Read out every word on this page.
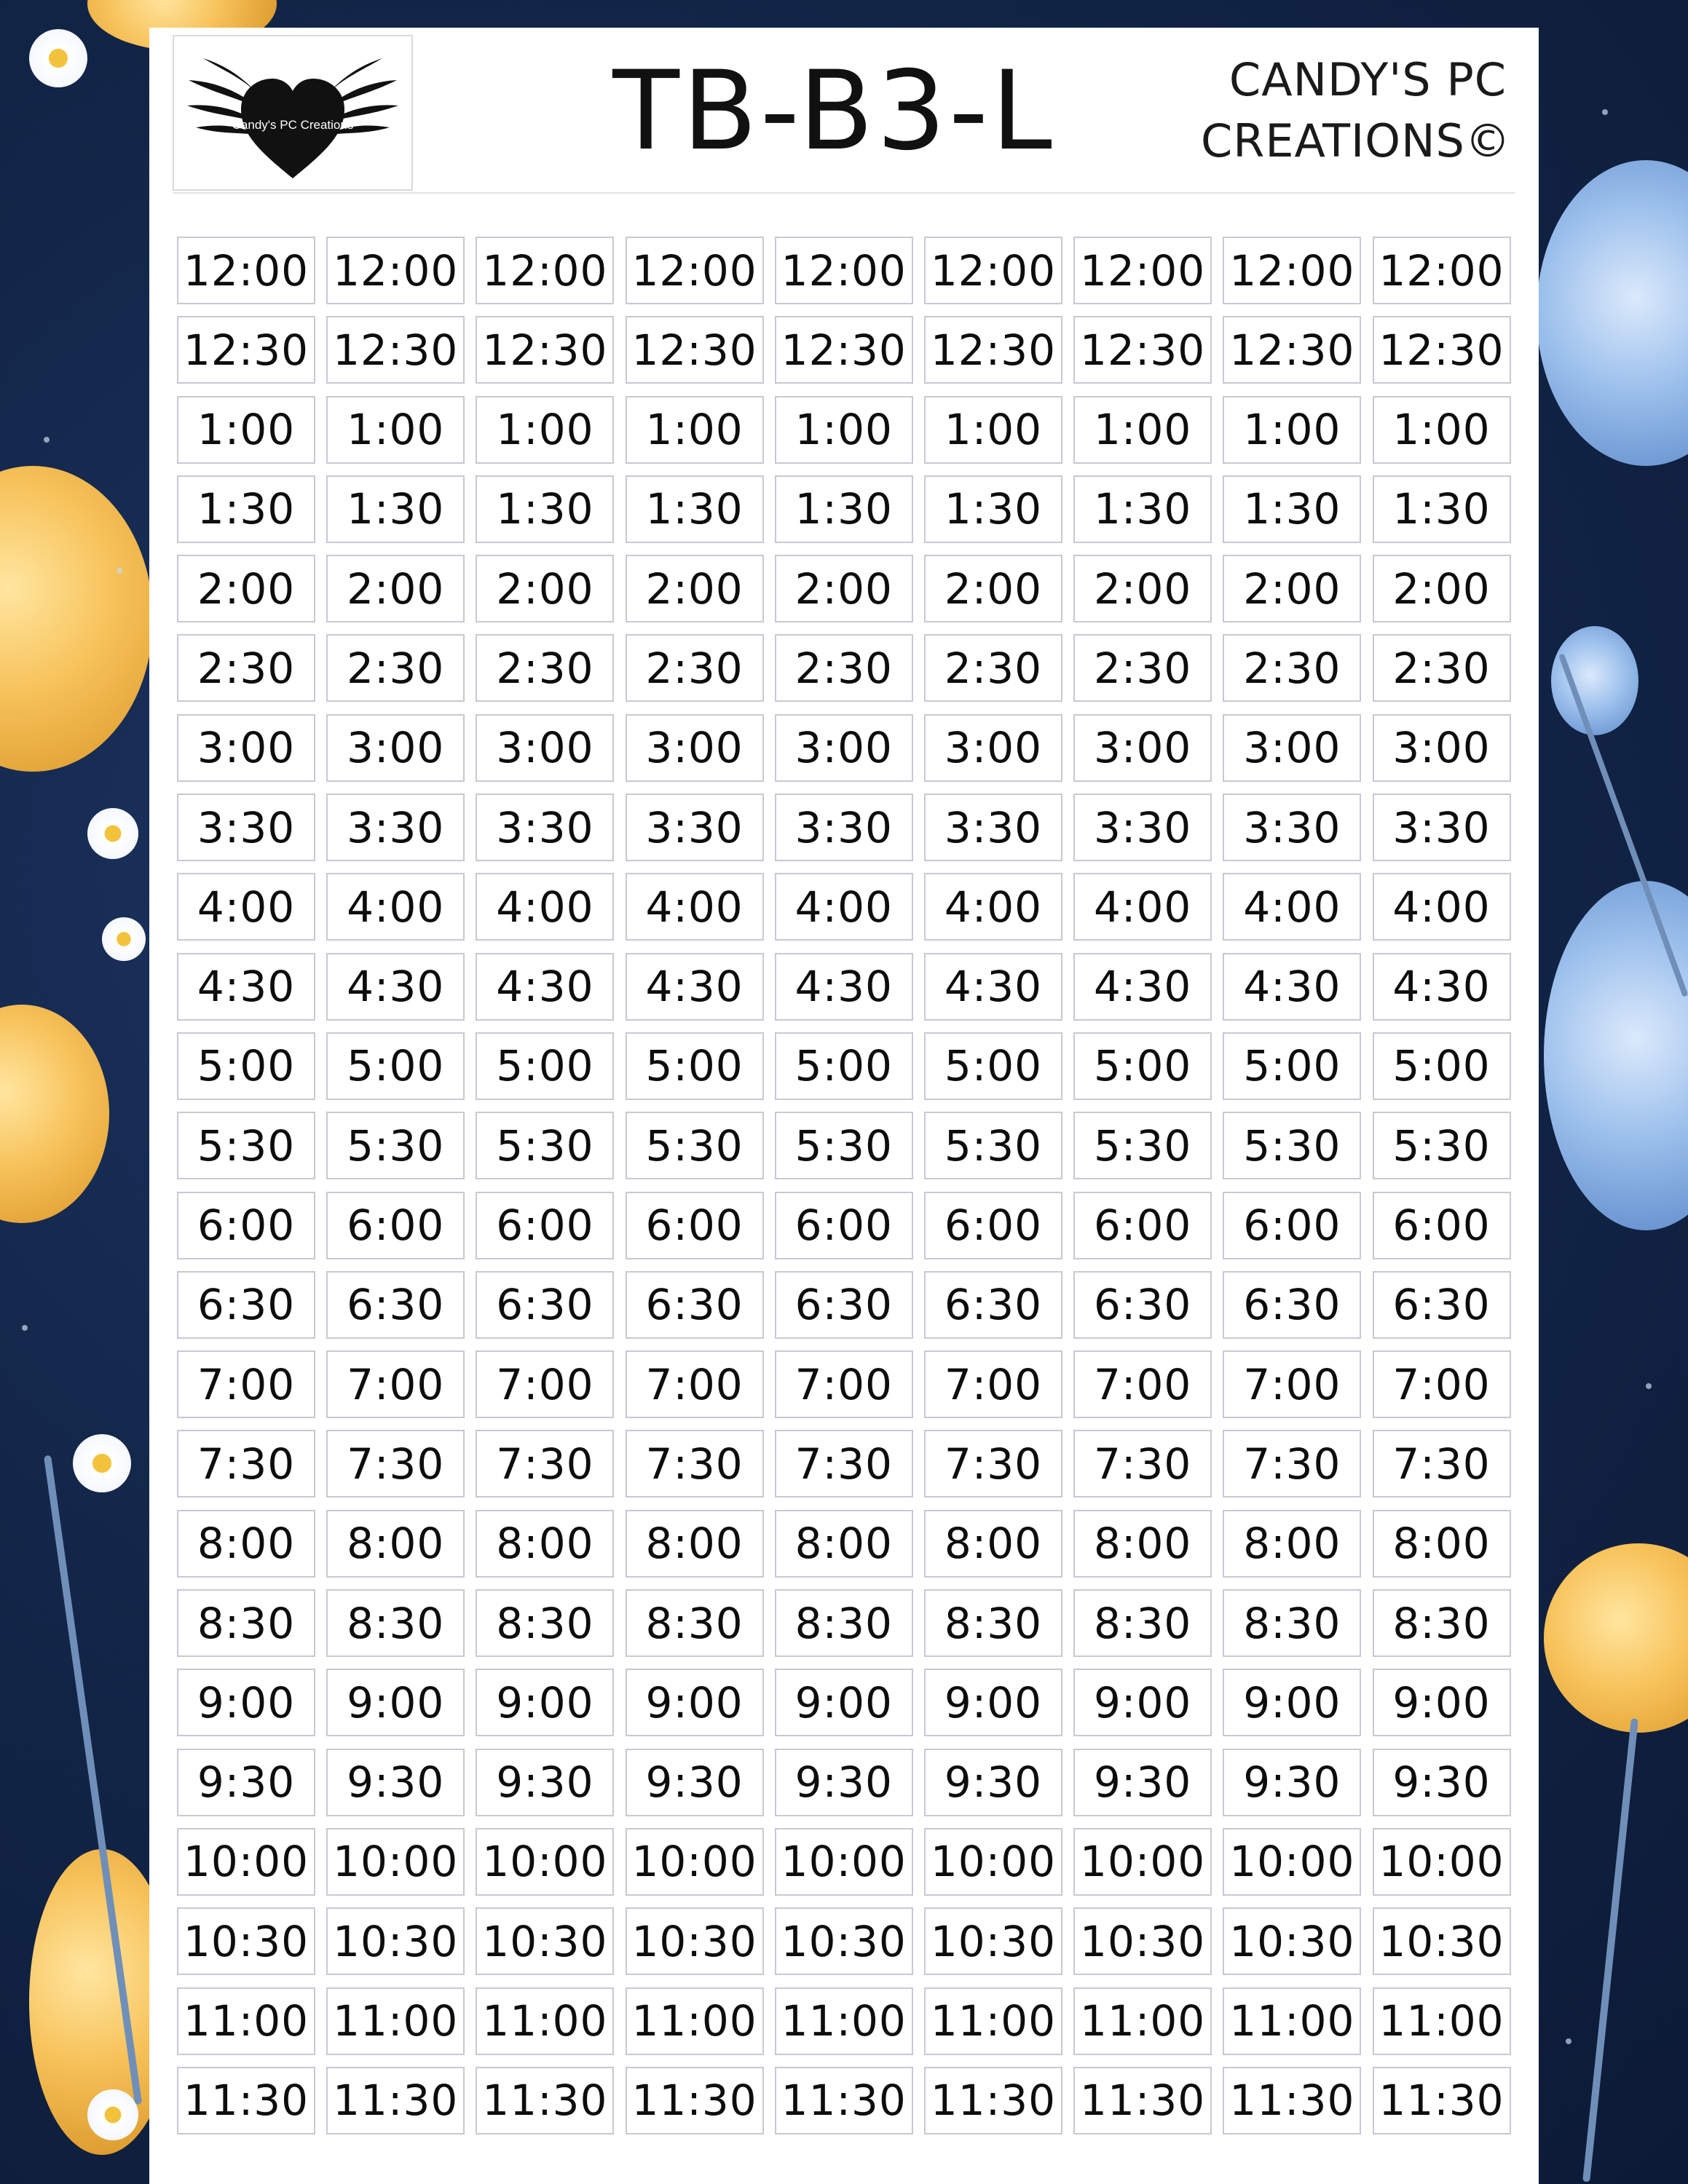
Candy's PC Creations	TB-B3-L	CANDY'S PC
CREATIONS©
12:00 12:00 12:00 12:00 12:00 12:00 12:00 12:00 12:00
12:30 12:30 12:30 12:30 12:30 12:30 12:30 12:30 12:30
1:00	1:00	1:00	1:00	1:00	1:00	1:00	1:00	1:00
1:30	1:30	1:30	1:30	1:30	1:30	1:30	1:30	1:30
2:00	2:00	2:00	2:00	2:00	2:00	2:00	2:00	2:00
2:30	2:30	2:30	2:30	2:30	2:30	2:30	2:30	2:30
3:00	3:00	3:00	3:00	3:00	3:00	3:00	3:00	3:00
3:30	3:30	3:30	3:30	3:30	3:30	3:30	3:30	3:30
4:00	4:00	4:00	4:00	4:00	4:00	4:00	4:00	4:00
4:30	4:30	4:30	4:30	4:30	4:30	4:30	4:30	4:30
5:00	5:00	5:00	5:00	5:00	5:00	5:00	5:00	5:00
5:30	5:30	5:30	5:30	5:30	5:30	5:30	5:30	5:30
6:00	6:00	6:00	6:00	6:00	6:00	6:00	6:00	6:00
6:30	6:30	6:30	6:30	6:30	6:30	6:30	6:30	6:30
7:00	7:00	7:00	7:00	7:00	7:00	7:00	7:00	7:00
7:30	7:30	7:30	7:30	7:30	7:30	7:30	7:30	7:30
8:00	8:00	8:00	8:00	8:00	8:00	8:00	8:00	8:00
8:30	8:30	8:30	8:30	8:30	8:30	8:30	8:30	8:30
9:00	9:00	9:00	9:00	9:00	9:00	9:00	9:00	9:00
9:30	9:30	9:30	9:30	9:30	9:30	9:30	9:30	9:30
10:00 10:00 10:00 10:00 10:00 10:00 10:00 10:00 10:00
10:30 10:30 10:30 10:30 10:30 10:30 10:30 10:30 10:30
11:00 11:00 11:00 11:00 11:00 11:00 11:00 11:00 11:00
11:30 11:30 11:30 11:30 11:30 11:30 11:30 11:30 11:30
